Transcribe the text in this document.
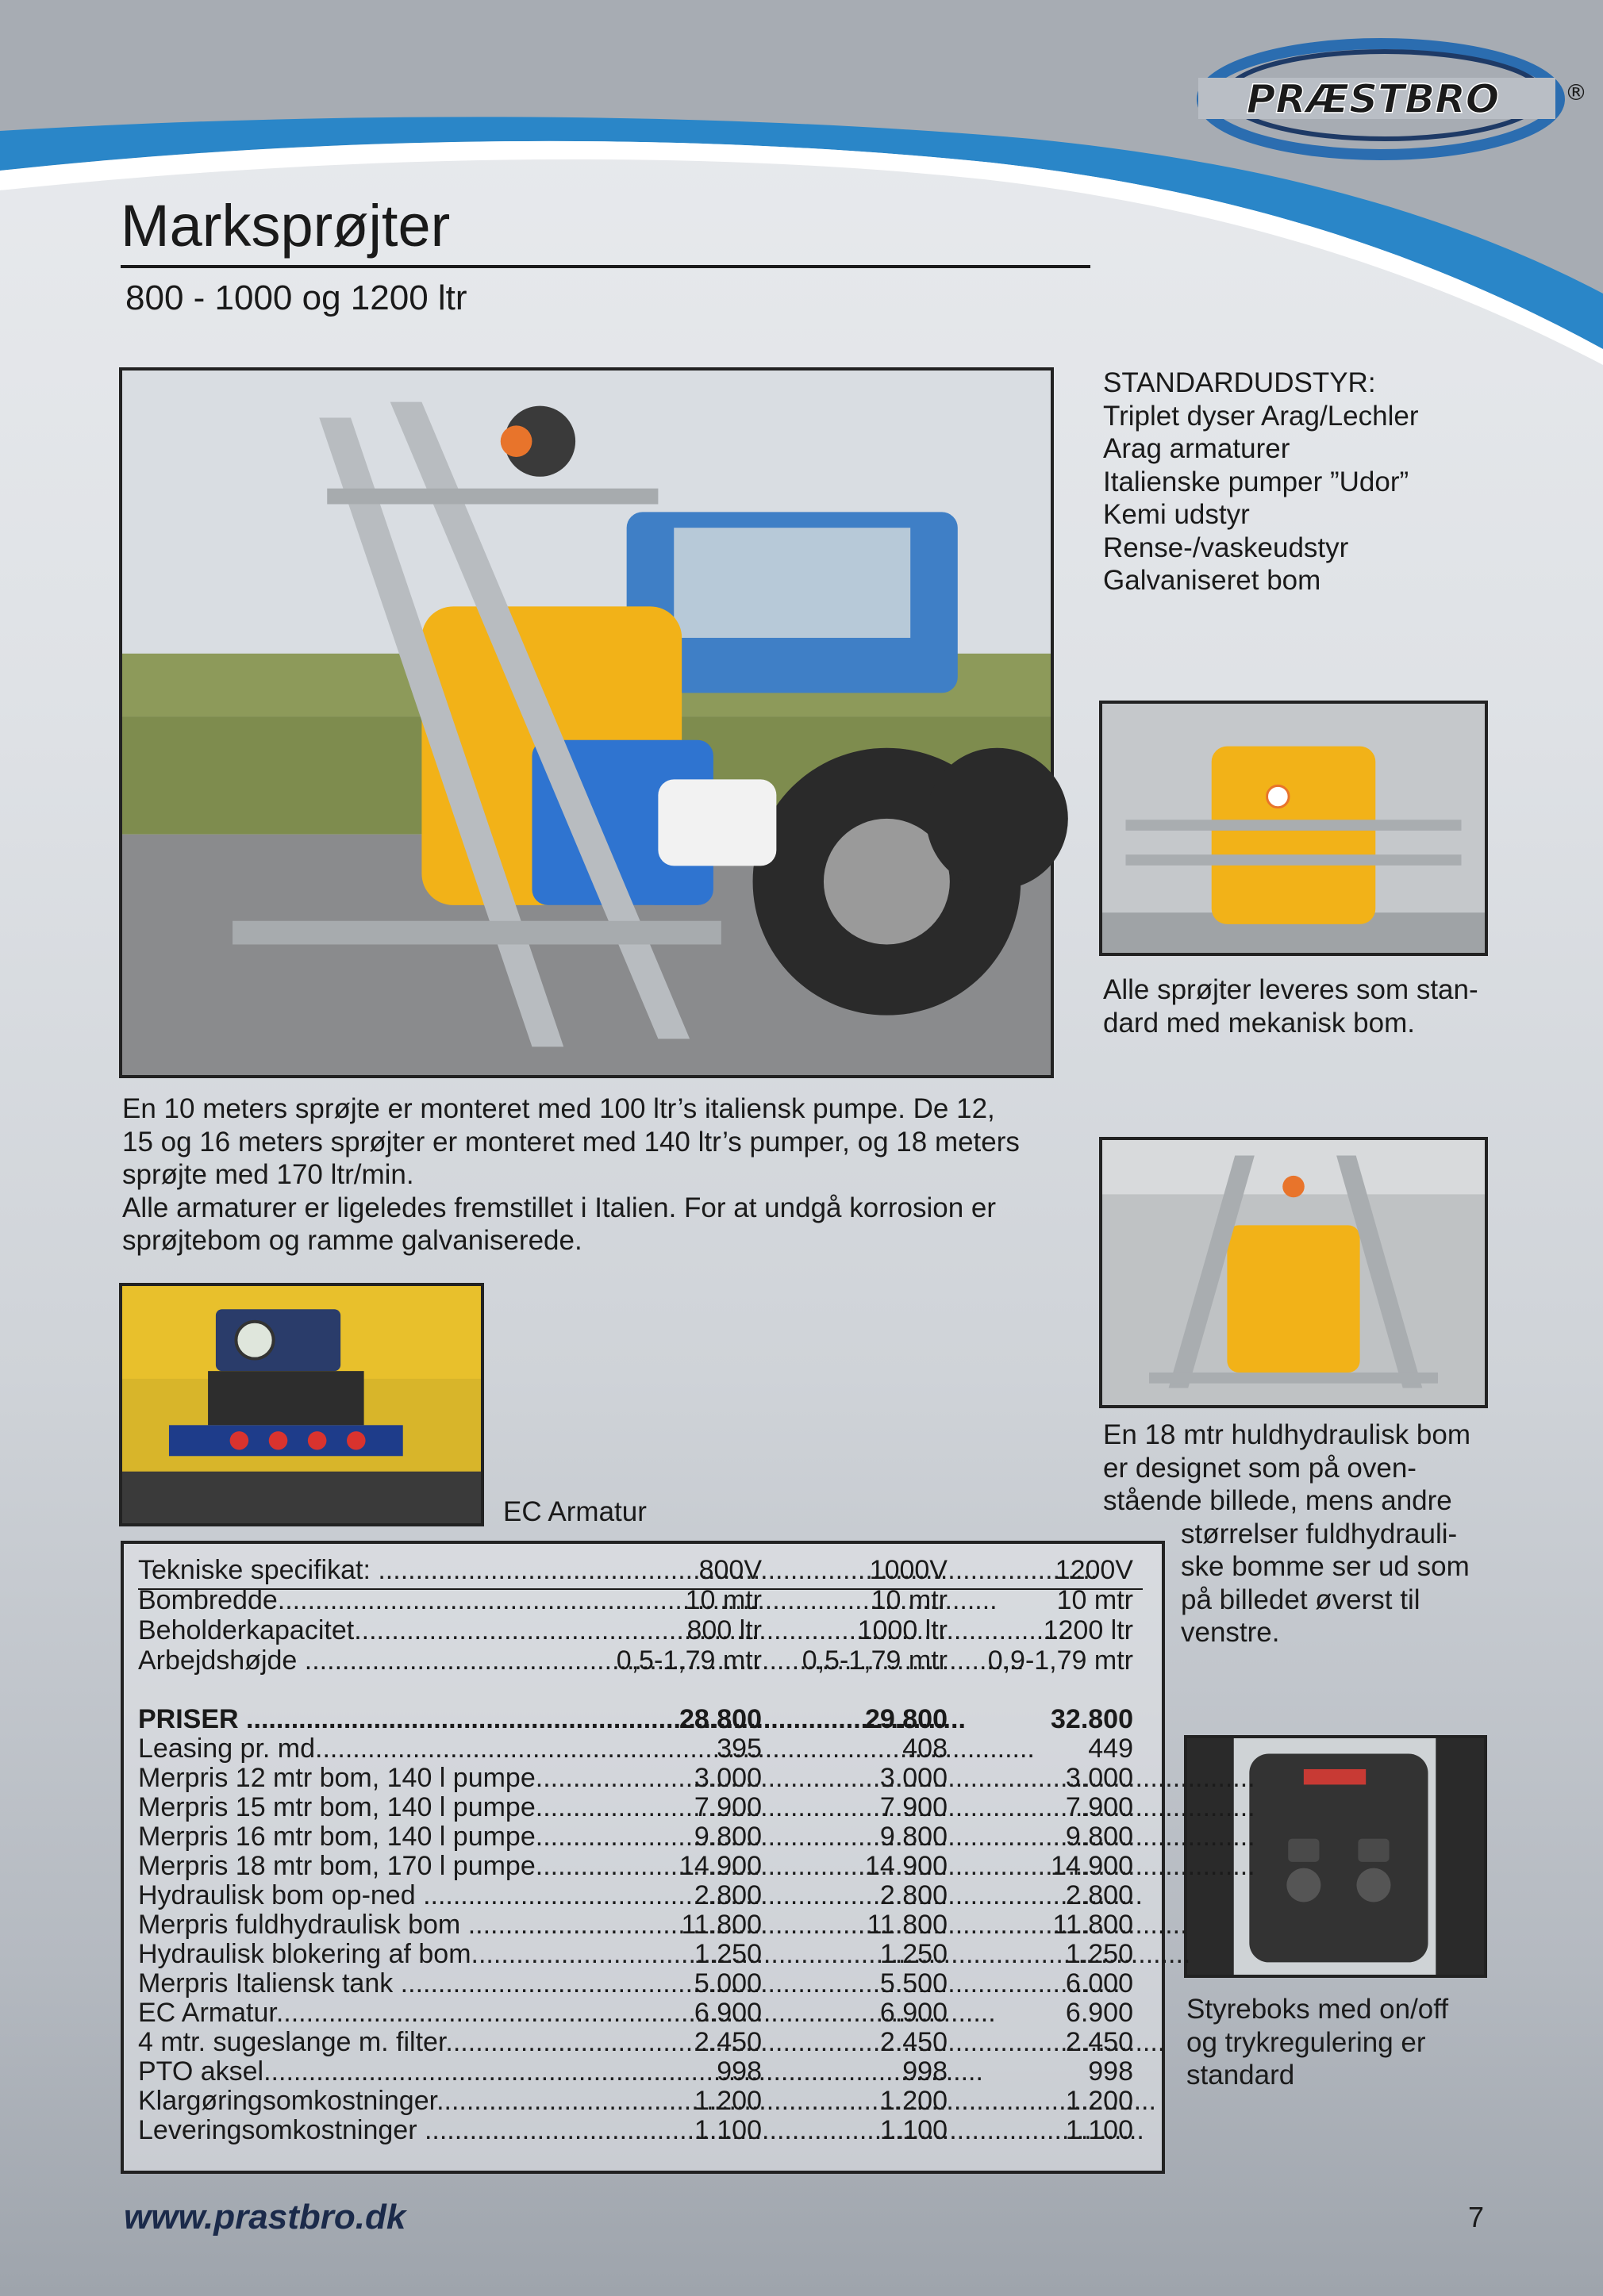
PRÆSTBRO	®
Marksprøjter
800 - 1000 og 1200 ltr
STANDARDUDSTYR:
Triplet dyser Arag/Lechler
Arag armaturer
Italienske pumper ”Udor”
Kemi udstyr
Rense-/vaskeudstyr
Galvaniseret bom
Alle sprøjter leveres som stan-
dard med mekanisk bom.
En 10 meters sprøjte er monteret med 100 ltr’s italiensk pumpe. De 12,
15 og 16 meters sprøjter er monteret med 140 ltr’s pumper, og 18 meters
sprøjte med 170 ltr/min.
Alle armaturer er ligeledes fremstillet i Italien. For at undgå korrosion er
sprøjtebom og ramme galvaniserede.
EC Armatur
En 18 mtr huldhydraulisk bom
er designet som på oven-
stående billede, mens andre
størrelser fuldhydrauli-
ske bomme ser ud som
på billedet øverst til
venstre.
Styreboks med on/off
og trykregulering er
standard
Tekniske specifikat: .....	800V	1000V	1200V
Bombredde .....	10 mtr	10 mtr	10 mtr
Beholderkapacitet .....	800 ltr	1000 ltr	1200 ltr
Arbejdshøjde .....	0,5-1,79 mtr	0,5-1,79 mtr	0,9-1,79 mtr
PRISER .....	28.800	29.800	32.800
Leasing pr. md .....	395	408	449
Merpris 12 mtr bom, 140 l pumpe .....	3.000	3.000	3.000
Merpris 15 mtr bom, 140 l pumpe .....	7.900	7.900	7.900
Merpris 16 mtr bom, 140 l pumpe .....	9.800	9.800	9.800
Merpris 18 mtr bom, 170 l pumpe .....	14.900	14.900	14.900
Hydraulisk bom op-ned .....	2.800	2.800	2.800
Merpris fuldhydraulisk bom .....	11.800	11.800	11.800
Hydraulisk blokering af bom .....	1.250	1.250	1.250
Merpris Italiensk tank .....	5.000	5.500	6.000
EC Armatur .....	6.900	6.900	6.900
4 mtr. sugeslange m. filter .....	2.450	2.450	2.450
PTO aksel .....	998	998	998
Klargøringsomkostninger .....	1.200	1.200	1.200
Leveringsomkostninger .....	1.100	1.100	1.100
www.prastbro.dk	7
